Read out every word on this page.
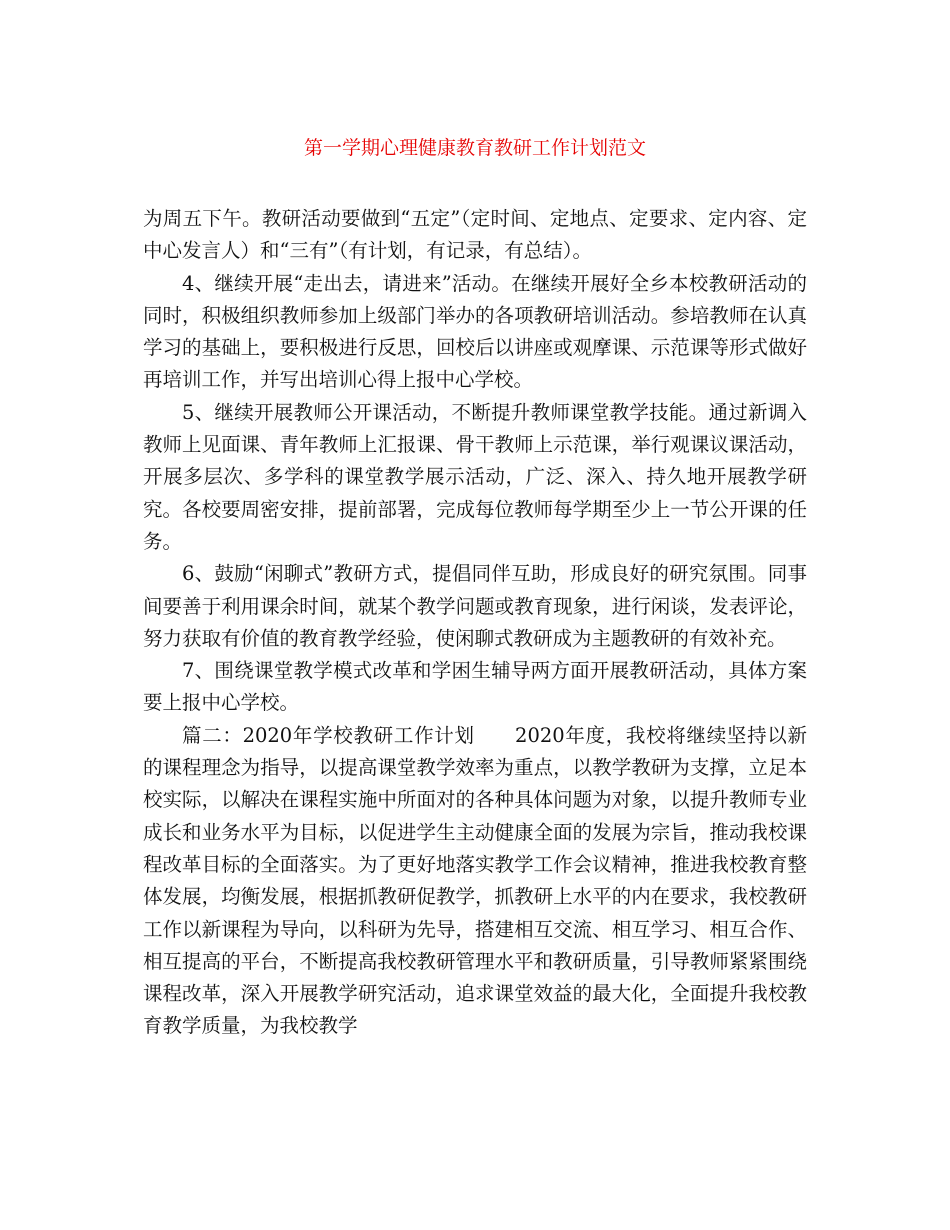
第一学期心理健康教育教研工作计划范文

为周五下午。教研活动要做到“五定”（定时间、定地点、定要求、定内容、定中心发言人）和“三有”（有计划，有记录，有总结）。

4、继续开展“走出去，请进来”活动。在继续开展好全乡本校教研活动的同时，积极组织教师参加上级部门举办的各项教研培训活动。参培教师在认真学习的基础上，要积极进行反思，回校后以讲座或观摩课、示范课等形式做好再培训工作，并写出培训心得上报中心学校。

5、继续开展教师公开课活动，不断提升教师课堂教学技能。通过新调入教师上见面课、青年教师上汇报课、骨干教师上示范课，举行观课议课活动，开展多层次、多学科的课堂教学展示活动，广泛、深入、持久地开展教学研究。各校要周密安排，提前部署，完成每位教师每学期至少上一节公开课的任务。

6、鼓励“闲聊式”教研方式，提倡同伴互助，形成良好的研究氛围。同事间要善于利用课余时间，就某个教学问题或教育现象，进行闲谈，发表评论，努力获取有价值的教育教学经验，使闲聊式教研成为主题教研的有效补充。

7、围绕课堂教学模式改革和学困生辅导两方面开展教研活动，具体方案要上报中心学校。

篇二：2020年学校教研工作计划　　2020年度，我校将继续坚持以新的课程理念为指导，以提高课堂教学效率为重点，以教学教研为支撑，立足本校实际，以解决在课程实施中所面对的各种具体问题为对象，以提升教师专业成长和业务水平为目标，以促进学生主动健康全面的发展为宗旨，推动我校课程改革目标的全面落实。为了更好地落实教学工作会议精神，推进我校教育整体发展，均衡发展，根据抓教研促教学，抓教研上水平的内在要求，我校教研工作以新课程为导向，以科研为先导，搭建相互交流、相互学习、相互合作、相互提高的平台，不断提高我校教研管理水平和教研质量，引导教师紧紧围绕课程改革，深入开展教学研究活动，追求课堂效益的最大化，全面提升我校教育教学质量，为我校教学
